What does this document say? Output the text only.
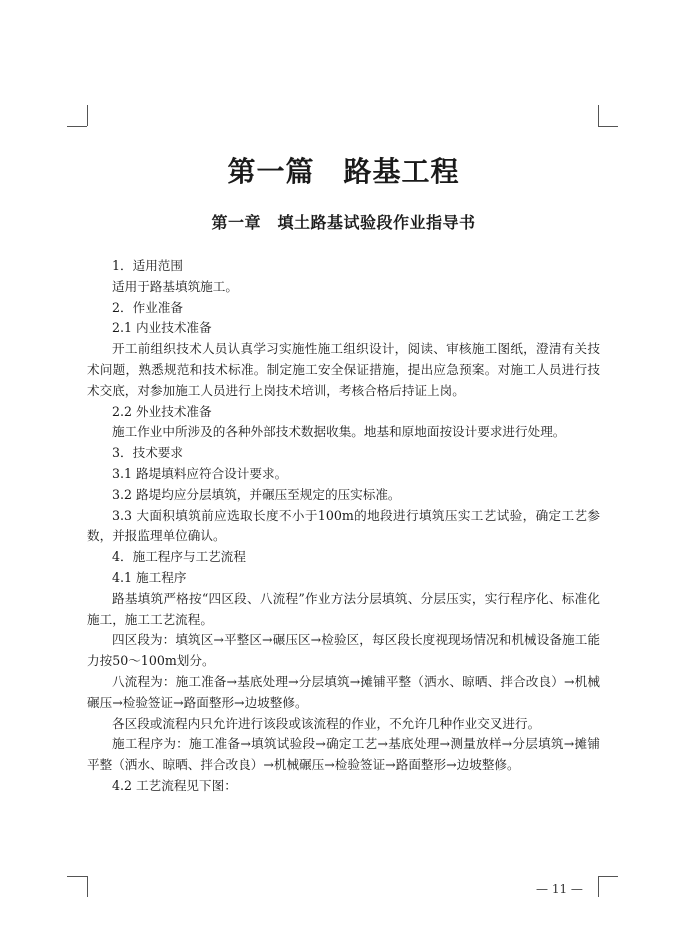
第一篇　路基工程
第一章　填土路基试验段作业指导书

1．适用范围

适用于路基填筑施工。

2．作业准备

2.1 内业技术准备

开工前组织技术人员认真学习实施性施工组织设计，阅读、审核施工图纸，澄清有关技术问题，熟悉规范和技术标准。制定施工安全保证措施，提出应急预案。对施工人员进行技术交底，对参加施工人员进行上岗技术培训，考核合格后持证上岗。

2.2 外业技术准备

施工作业中所涉及的各种外部技术数据收集。地基和原地面按设计要求进行处理。

3．技术要求

3.1 路堤填料应符合设计要求。

3.2 路堤均应分层填筑，并碾压至规定的压实标准。

3.3 大面积填筑前应选取长度不小于100m的地段进行填筑压实工艺试验，确定工艺参数，并报监理单位确认。

4．施工程序与工艺流程

4.1 施工程序

路基填筑严格按“四区段、八流程”作业方法分层填筑、分层压实，实行程序化、标准化施工，施工工艺流程。

四区段为：填筑区→平整区→碾压区→检验区，每区段长度视现场情况和机械设备施工能力按50～100m划分。

八流程为：施工准备→基底处理→分层填筑→摊铺平整（洒水、晾晒、拌合改良）→机械碾压→检验签证→路面整形→边坡整修。

各区段或流程内只允许进行该段或该流程的作业，不允许几种作业交叉进行。

施工程序为：施工准备→填筑试验段→确定工艺→基底处理→测量放样→分层填筑→摊铺平整（洒水、晾晒、拌合改良）→机械碾压→检验签证→路面整形→边坡整修。

4.2 工艺流程见下图：

— 11 —
